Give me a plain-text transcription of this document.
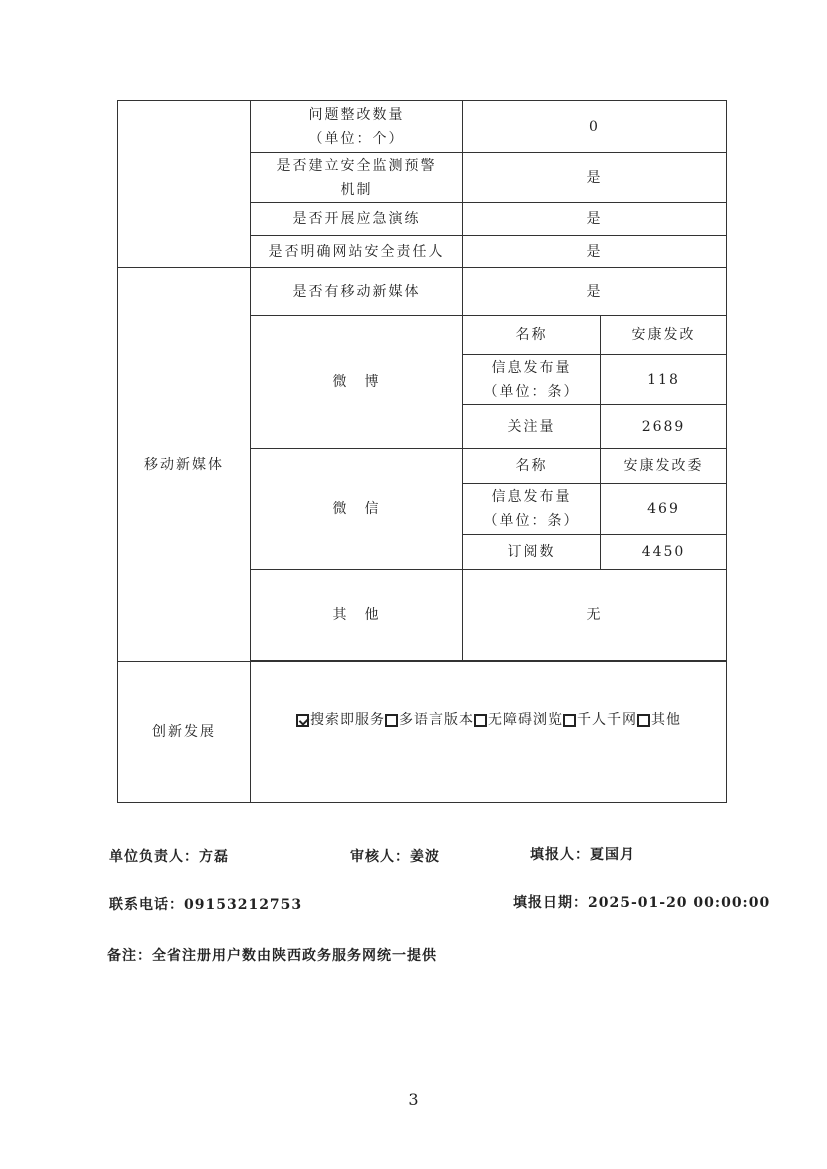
	问题整改数量
（单位：个）	0	

	是否建立安全监测预警
机制	是	
	是否开展应急演练	是	
	是否明确网站安全责任人	是	
移动新媒体	是否有移动新媒体	是	
	微　博	名称	安康发改

		信息发布量
（单位：条）	118
		关注量	2689
	微　信	名称	安康发改委

		信息发布量
（单位：条）	469
		订阅数	4450
	其　他	无	

创新发展	搜索即服务 多语言版本 无障碍浏览 千人千网 其他		
单位负责人：方磊	审核人：姜波	填报人：夏国月
联系电话：09153212753	填报日期：2025-01-20 00:00:00
备注：全省注册用户数由陕西政务服务网统一提供
3
